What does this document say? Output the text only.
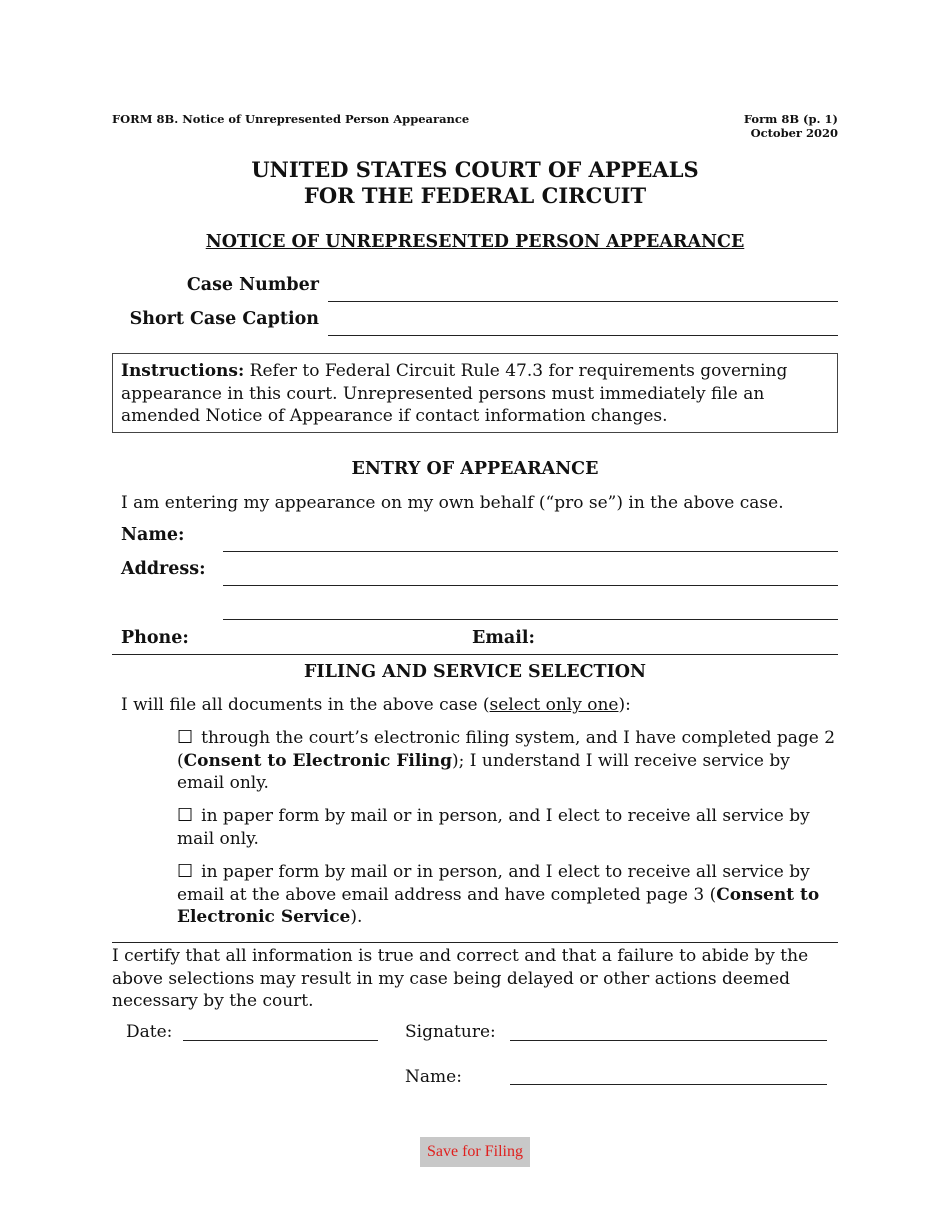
FORM 8B. Notice of Unrepresented Person Appearance	Form 8B (p. 1)
October 2020
UNITED STATES COURT OF APPEALS
FOR THE FEDERAL CIRCUIT
NOTICE OF UNREPRESENTED PERSON APPEARANCE
Case Number
Short Case Caption
Instructions: Refer to Federal Circuit Rule 47.3 for requirements governing appearance in this court. Unrepresented persons must immediately file an amended Notice of Appearance if contact information changes.
ENTRY OF APPEARANCE
I am entering my appearance on my own behalf (“pro se”) in the above case.
Name:
Address:
Phone:	Email:
FILING AND SERVICE SELECTION
I will file all documents in the above case (select only one):
☐ through the court’s electronic filing system, and I have completed page 2 (Consent to Electronic Filing); I understand I will receive service by email only.
☐ in paper form by mail or in person, and I elect to receive all service by mail only.
☐ in paper form by mail or in person, and I elect to receive all service by email at the above email address and have completed page 3 (Consent to Electronic Service).
I certify that all information is true and correct and that a failure to abide by the above selections may result in my case being delayed or other actions deemed necessary by the court.
Date:	Signature:
Name:
Save for Filing
